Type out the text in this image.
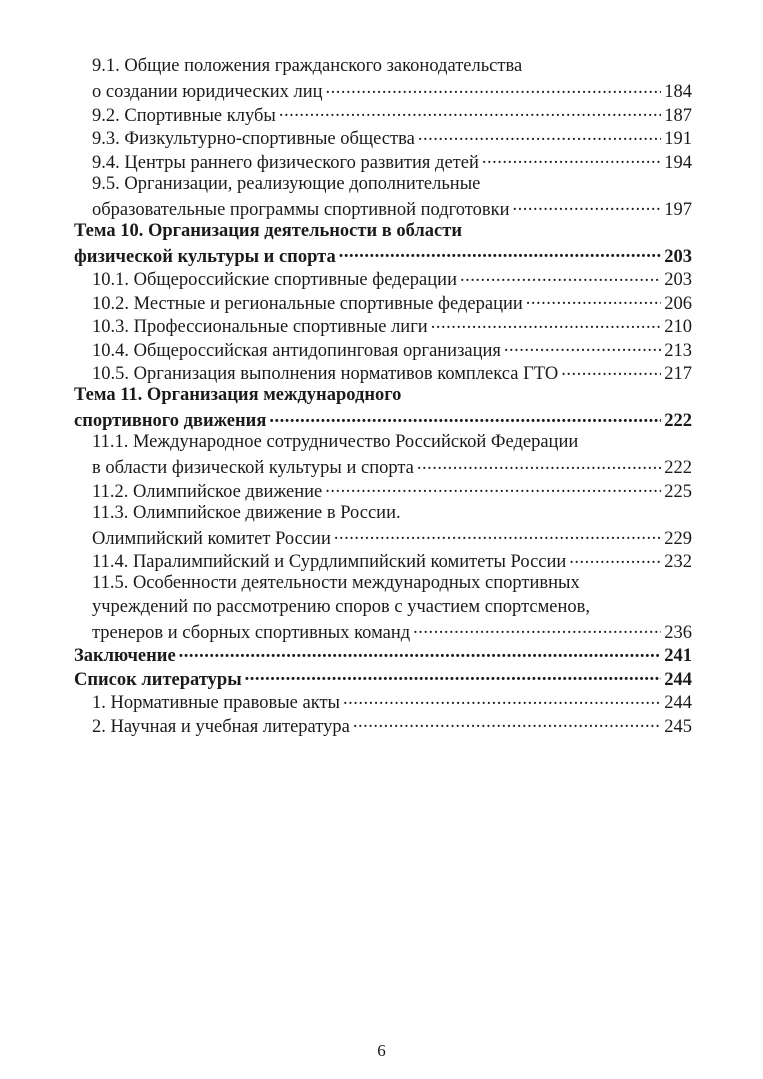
9.1. Общие положения гражданского законодательства
о создании юридических лиц .....	184
9.2. Спортивные клубы .....	187
9.3. Физкультурно-спортивные общества .....	191
9.4. Центры раннего физического развития детей .....	194
9.5. Организации, реализующие дополнительные
образовательные программы спортивной подготовки .....	197
Тема 10. Организация деятельности в области
физической культуры и спорта .....	203
10.1. Общероссийские спортивные федерации .....	203
10.2. Местные и региональные спортивные федерации .....	206
10.3. Профессиональные спортивные лиги .....	210
10.4. Общероссийская антидопинговая организация .....	213
10.5. Организация выполнения нормативов комплекса ГТО .....	217
Тема 11. Организация международного
спортивного движения .....	222
11.1. Международное сотрудничество Российской Федерации
в области физической культуры и спорта .....	222
11.2. Олимпийское движение .....	225
11.3. Олимпийское движение в России.
Олимпийский комитет России .....	229
11.4. Паралимпийский и Сурдлимпийский комитеты России .....	232
11.5. Особенности деятельности международных спортивных
учреждений по рассмотрению споров с участием спортсменов,
тренеров и сборных спортивных команд .....	236
Заключение .....	241
Список литературы .....	244
1. Нормативные правовые акты .....	244
2. Научная и учебная литература .....	245
6
